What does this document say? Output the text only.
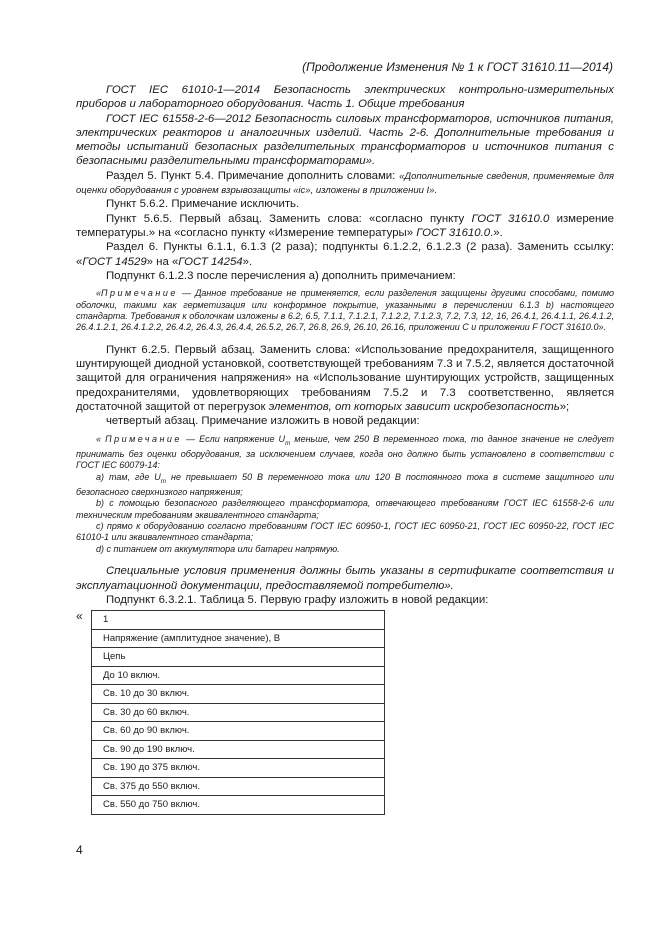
(Продолжение Изменения № 1 к ГОСТ 31610.11—2014)

ГОСТ IEC 61010-1—2014 Безопасность электрических контрольно-измерительных приборов и лабораторного оборудования. Часть 1. Общие требования

ГОСТ IEC 61558-2-6—2012 Безопасность силовых трансформаторов, источников питания, электрических реакторов и аналогичных изделий. Часть 2-6. Дополнительные требования и методы испытаний безопасных разделительных трансформаторов и источников питания с безопасными разделительными трансформаторами».

Раздел 5. Пункт 5.4. Примечание дополнить словами: «Дополнительные сведения, применяемые для оценки оборудования с уровнем взрывозащиты «ic», изложены в приложении I».

Пункт 5.6.2. Примечание исключить.

Пункт 5.6.5. Первый абзац. Заменить слова: «согласно пункту ГОСТ 31610.0 измерение температуры.» на «согласно пункту «Измерение температуры» ГОСТ 31610.0.».

Раздел 6. Пункты 6.1.1, 6.1.3 (2 раза); подпункты 6.1.2.2, 6.1.2.3 (2 раза). Заменить ссылку: «ГОСТ 14529» на «ГОСТ 14254».

Подпункт 6.1.2.3 после перечисления а) дополнить примечанием:

«Примечание — Данное требование не применяется, если разделения защищены другими способами, помимо оболочки, такими как герметизация или конформное покрытие, указанными в перечислении 6.1.3 b) настоящего стандарта. Требования к оболочкам изложены в 6.2, 6.5, 7.1.1, 7.1.2.1, 7.1.2.2, 7.1.2.3, 7.2, 7.3, 12, 16, 26.4.1, 26.4.1.1, 26.4.1.2, 26.4.1.2.1, 26.4.1.2.2, 26.4.2, 26.4.3, 26.4.4, 26.5.2, 26.7, 26.8, 26.9, 26.10, 26.16, приложении С и приложении F ГОСТ 31610.0».

Пункт 6.2.5. Первый абзац. Заменить слова: «Использование предохранителя, защищенного шунтирующей диодной установкой, соответствующей требованиям 7.3 и 7.5.2, является достаточной защитой для ограничения напряжения» на «Использование шунтирующих устройств, защищенных предохранителями, удовлетворяющих требованиям 7.5.2 и 7.3 соответственно, является достаточной защитой от перегрузок элементов, от которых зависит искробезопасность»;

четвертый абзац. Примечание изложить в новой редакции:

« Примечание — Если напряжение $U_m$ меньше, чем 250 В переменного тока, то данное значение не следует принимать без оценки оборудования, за исключением случаев, когда оно должно быть установлено в соответствии с ГОСТ IEC 60079-14:

а) там, где $U_m$ не превышает 50 В переменного тока или 120 В постоянного тока в системе защитного или безопасного сверхнизкого напряжения;

b) с помощью безопасного разделяющего трансформатора, отвечающего требованиям ГОСТ IEC 61558-2-6 или техническим требованиям эквивалентного стандарта;

с) прямо к оборудованию согласно требованиям ГОСТ IEC 60950-1, ГОСТ IEC 60950-21, ГОСТ IEC 60950-22, ГОСТ IEC 61010-1 или эквивалентного стандарта;

d) с питанием от аккумулятора или батареи напрямую.

Специальные условия применения должны быть указаны в сертификате соответствия и эксплуатационной документации, предоставляемой потребителю».

Подпункт 6.3.2.1. Таблица 5. Первую графу изложить в новой редакции:

« 1
Напряжение (амплитудное значение), В
Цепь
До 10 включ.
Св. 10 до 30 включ.
Св. 30 до 60 включ.
Св. 60 до 90 включ.
Св. 90 до 190 включ.
Св. 190 до 375 включ.
Св. 375 до 550 включ.
Св. 550 до 750 включ.
4
